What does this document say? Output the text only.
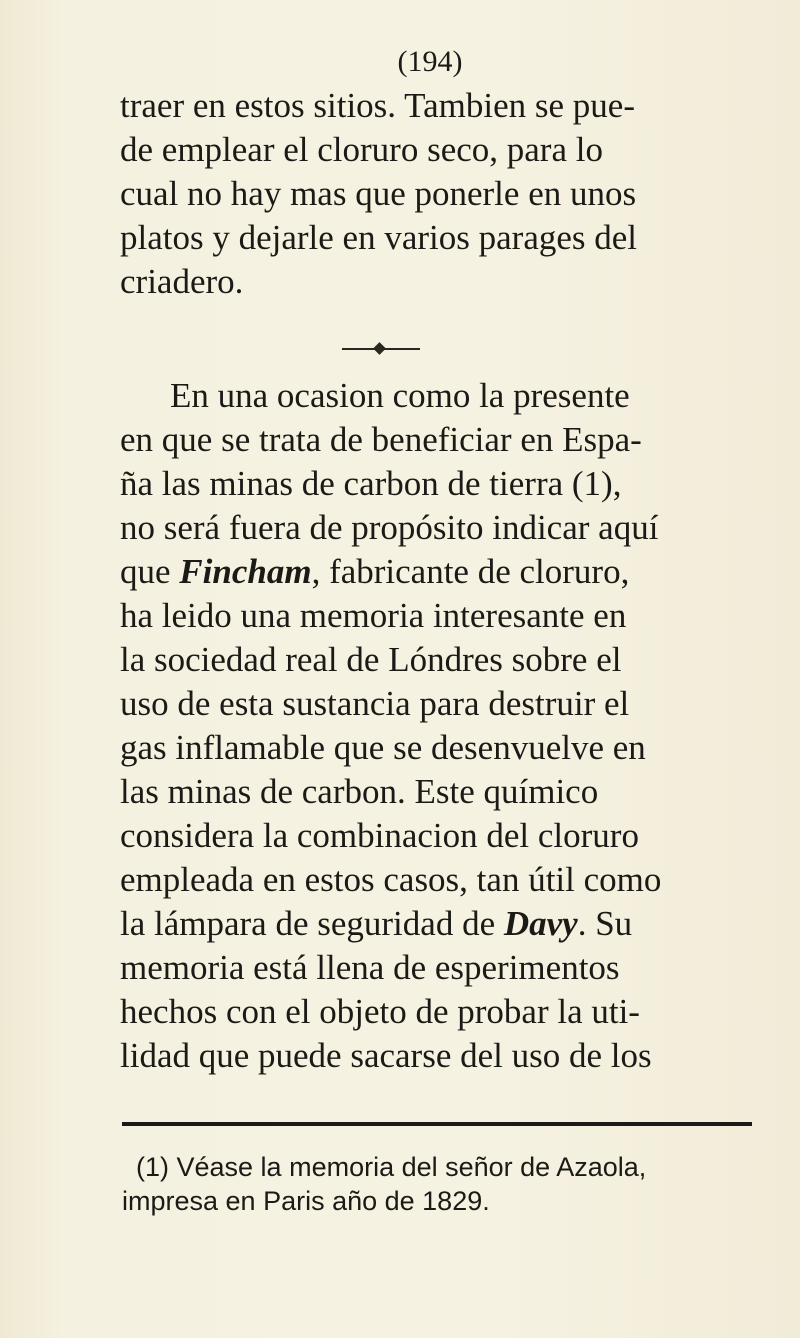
(194)
traer en estos sitios. Tambien se pue-
de emplear el cloruro seco, para lo
cual no hay mas que ponerle en unos
platos y dejarle en varios parages del
criadero.
En una ocasion como la presente
en que se trata de beneficiar en Espa-
ña las minas de carbon de tierra (1),
no será fuera de propósito indicar aquí
que Fincham, fabricante de cloruro,
ha leido una memoria interesante en
la sociedad real de Lóndres sobre el
uso de esta sustancia para destruir el
gas inflamable que se desenvuelve en
las minas de carbon. Este químico
considera la combinacion del cloruro
empleada en estos casos, tan útil como
la lámpara de seguridad de Davy. Su
memoria está llena de esperimentos
hechos con el objeto de probar la uti-
lidad que puede sacarse del uso de los
(1) Véase la memoria del señor de Azaola,
impresa en Paris año de 1829.
